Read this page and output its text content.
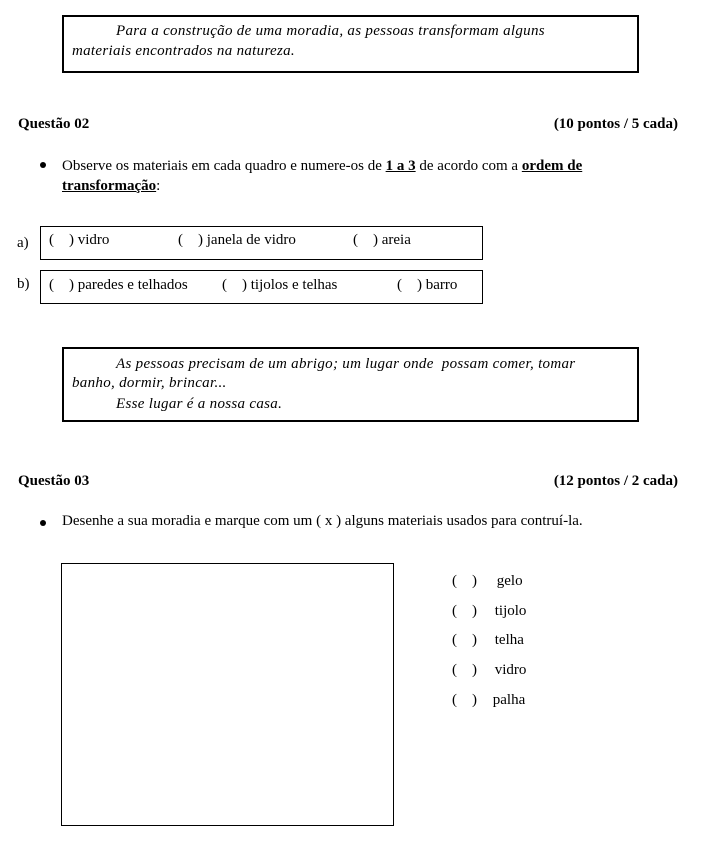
Para a construção de uma moradia, as pessoas transformam alguns
materiais encontrados na natureza.
Questão 02	(10 pontos / 5 cada)
Observe os materiais em cada quadro e numere-os de 1 a 3 de acordo com a ordem de
transformação:
a) (    ) vidro	(    ) janela de vidro	(    ) areia
b) (    ) paredes e telhados (    ) tijolos e telhas	(    ) barro
As pessoas precisam de um abrigo; um lugar onde  possam comer, tomar
banho, dormir, brincar...
Esse lugar é a nossa casa.
Questão 03	(12 pontos / 2 cada)
Desenhe a sua moradia e marque com um ( x ) alguns materiais usados para contruí-la.
(    ) gelo
(    ) tijolo
(    ) telha
(    ) vidro
(    ) palha
